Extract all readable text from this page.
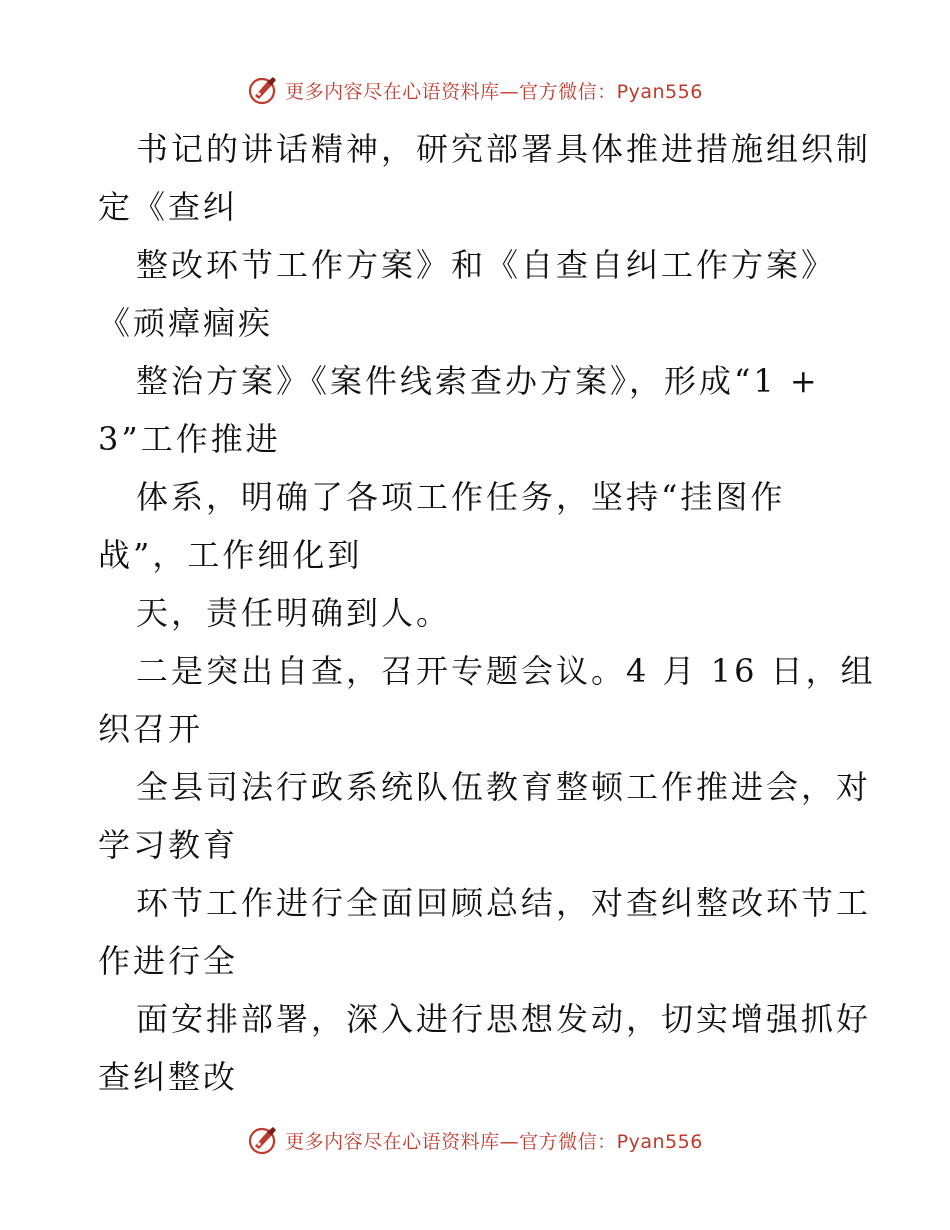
更多内容尽在心语资料库—官方微信：Pyan556
书记的讲话精神，研究部署具体推进措施组织制
定《查纠
整改环节工作方案》和《自查自纠工作方案》
《顽瘴痼疾
整治方案》《案件线索查办方案》，形成“1 +
3”工作推进
体系，明确了各项工作任务，坚持“挂图作
战”，工作细化到
天，责任明确到人。
二是突出自查，召开专题会议。4 月 16 日，组
织召开
全县司法行政系统队伍教育整顿工作推进会，对
学习教育
环节工作进行全面回顾总结，对查纠整改环节工
作进行全
面安排部署，深入进行思想发动，切实增强抓好
查纠整改
更多内容尽在心语资料库—官方微信：Pyan556
